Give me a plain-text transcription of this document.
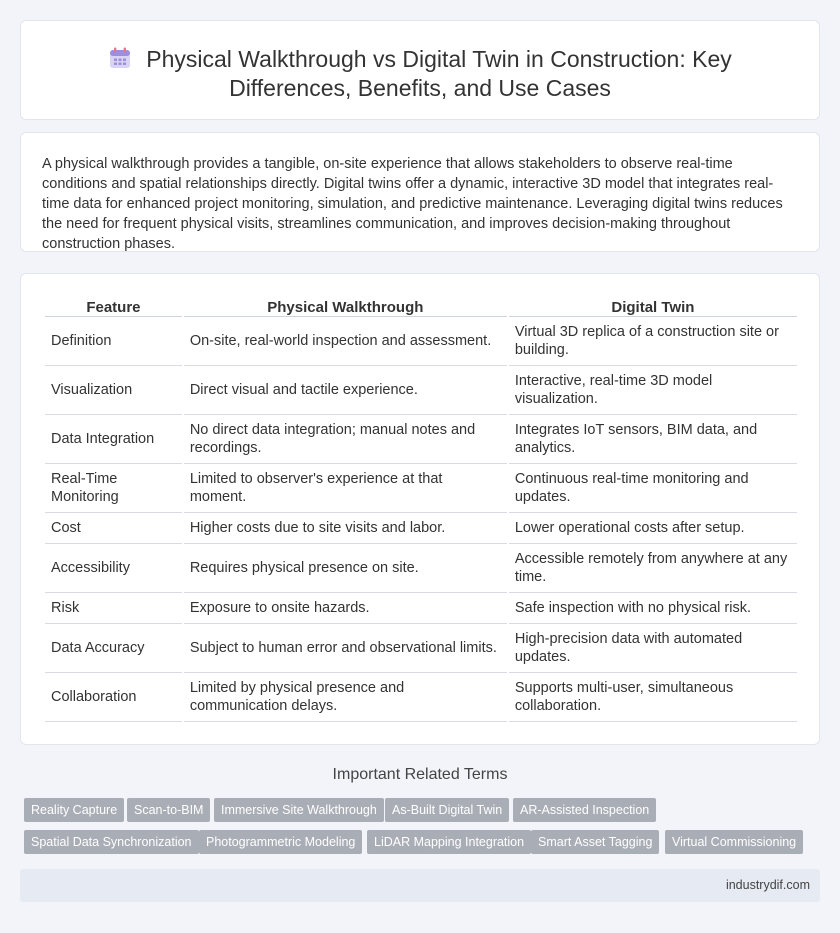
Physical Walkthrough vs Digital Twin in Construction: Key Differences, Benefits, and Use Cases

A physical walkthrough provides a tangible, on-site experience that allows stakeholders to observe real-time conditions and spatial relationships directly. Digital twins offer a dynamic, interactive 3D model that integrates real-time data for enhanced project monitoring, simulation, and predictive maintenance. Leveraging digital twins reduces the need for frequent physical visits, streamlines communication, and improves decision-making throughout construction phases.

Feature	Physical Walkthrough	Digital Twin
Definition	On-site, real-world inspection and assessment.	Virtual 3D replica of a construction site or building.
Visualization	Direct visual and tactile experience.	Interactive, real-time 3D model visualization.
Data Integration	No direct data integration; manual notes and recordings.	Integrates IoT sensors, BIM data, and analytics.
Real-Time Monitoring	Limited to observer's experience at that moment.	Continuous real-time monitoring and updates.
Cost	Higher costs due to site visits and labor.	Lower operational costs after setup.
Accessibility	Requires physical presence on site.	Accessible remotely from anywhere at any time.
Risk	Exposure to onsite hazards.	Safe inspection with no physical risk.
Data Accuracy	Subject to human error and observational limits.	High-precision data with automated updates.
Collaboration	Limited by physical presence and communication delays.	Supports multi-user, simultaneous collaboration.
Important Related Terms
Reality Capture	Scan-to-BIM	Immersive Site Walkthrough	As-Built Digital Twin	AR-Assisted Inspection
Spatial Data Synchronization	Photogrammetric Modeling	LiDAR Mapping Integration	Smart Asset Tagging	Virtual Commissioning
industrydif.com
